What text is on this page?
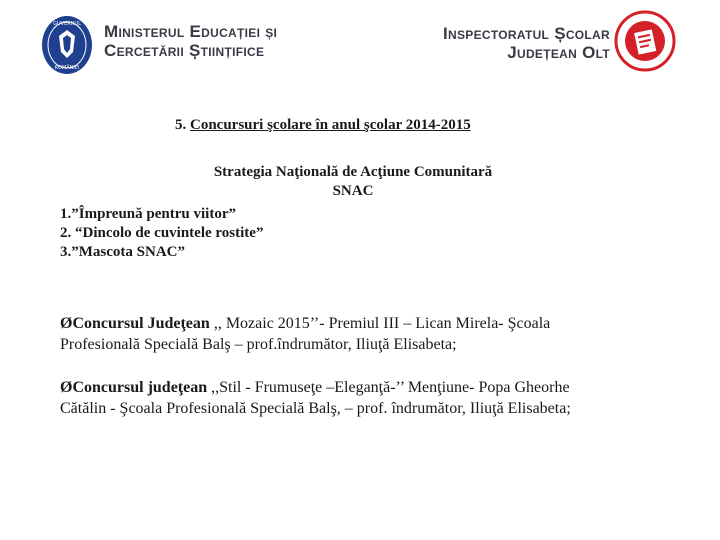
GUVERNUL
ROMÂNIEI
Ministerul Educației și
Cercetării Științifice
Inspectoratul Școlar
Județean Olt
5. Concursuri şcolare în anul şcolar 2014-2015
Strategia Naţională de Acţiune Comunitară
SNAC
1.”Împreună pentru viitor”
2. “Dincolo de cuvintele rostite”
3.”Mascota SNAC”
ØConcursul Judeţean ,, Mozaic 2015’’- Premiul III – Lican Mirela- Şcoala
Profesională Specială Balş – prof.îndrumător, Iliuţă Elisabeta;
ØConcursul judeţean ,,Stil - Frumuseţe –Eleganţă-’’ Menţiune- Popa Gheorhe
Cătălin - Şcoala Profesională Specială Balş, – prof. îndrumător, Iliuţă Elisabeta;
